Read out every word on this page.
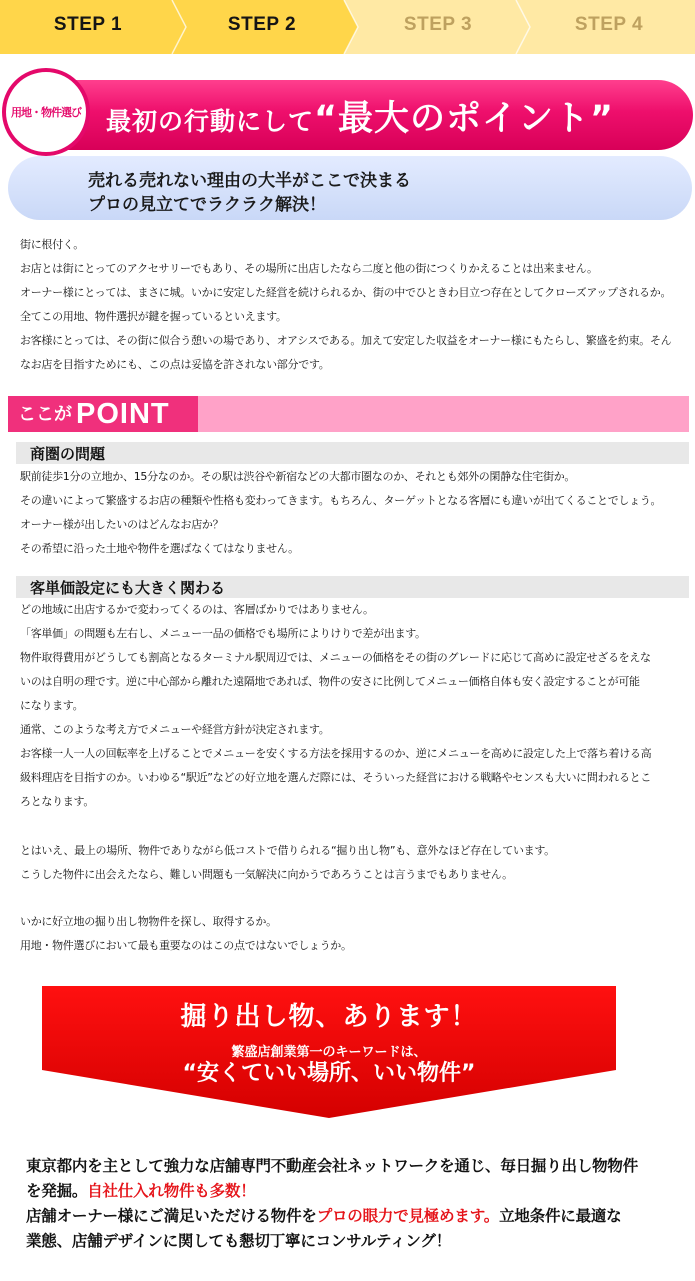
STEP 1	STEP 2	STEP 3	STEP 4
最初の行動にして“最大のポイント”
用地・物件選び
売れる売れない理由の大半がここで決まる
プロの見立てでラクラク解決！
街に根付く。
お店とは街にとってのアクセサリーでもあり、その場所に出店したなら二度と他の街につくりかえることは出来ません。
オーナー様にとっては、まさに城。いかに安定した経営を続けられるか、街の中でひときわ目立つ存在としてクローズアップされるか。
全てこの用地、物件選択が鍵を握っているといえます。
お客様にとっては、その街に似合う憩いの場であり、オアシスである。加えて安定した収益をオーナー様にもたらし、繁盛を約束。そん
なお店を目指すためにも、この点は妥協を許されない部分です。
ここが POINT
商圏の問題
駅前徒歩1分の立地か、15分なのか。その駅は渋谷や新宿などの大都市圏なのか、それとも郊外の閑静な住宅街か。
その違いによって繁盛するお店の種類や性格も変わってきます。もちろん、ターゲットとなる客層にも違いが出てくることでしょう。
オーナー様が出したいのはどんなお店か？
その希望に沿った土地や物件を選ばなくてはなりません。
客単価設定にも大きく関わる
どの地域に出店するかで変わってくるのは、客層ばかりではありません。
「客単価」の問題も左右し、メニュー一品の価格でも場所によりけりで差が出ます。
物件取得費用がどうしても割高となるターミナル駅周辺では、メニューの価格をその街のグレードに応じて高めに設定せざるをえな
いのは自明の理です。逆に中心部から離れた遠隔地であれば、物件の安さに比例してメニュー価格自体も安く設定することが可能
になります。
通常、このような考え方でメニューや経営方針が決定されます。
お客様一人一人の回転率を上げることでメニューを安くする方法を採用するのか、逆にメニューを高めに設定した上で落ち着ける高
級料理店を目指すのか。いわゆる“駅近”などの好立地を選んだ際には、そういった経営における戦略やセンスも大いに問われるとこ
ろとなります。
とはいえ、最上の場所、物件でありながら低コストで借りられる“掘り出し物”も、意外なほど存在しています。
こうした物件に出会えたなら、難しい問題も一気解決に向かうであろうことは言うまでもありません。
いかに好立地の掘り出し物物件を探し、取得するか。
用地・物件選びにおいて最も重要なのはこの点ではないでしょうか。
掘り出し物、あります！
繁盛店創業第一のキーワードは、
“安くていい場所、いい物件”
東京都内を主として強力な店舗専門不動産会社ネットワークを通じ、毎日掘り出し物物件
を発掘。自社仕入れ物件も多数！
店舗オーナー様にご満足いただける物件をプロの眼力で見極めます。立地条件に最適な
業態、店舗デザインに関しても懇切丁寧にコンサルティング！
